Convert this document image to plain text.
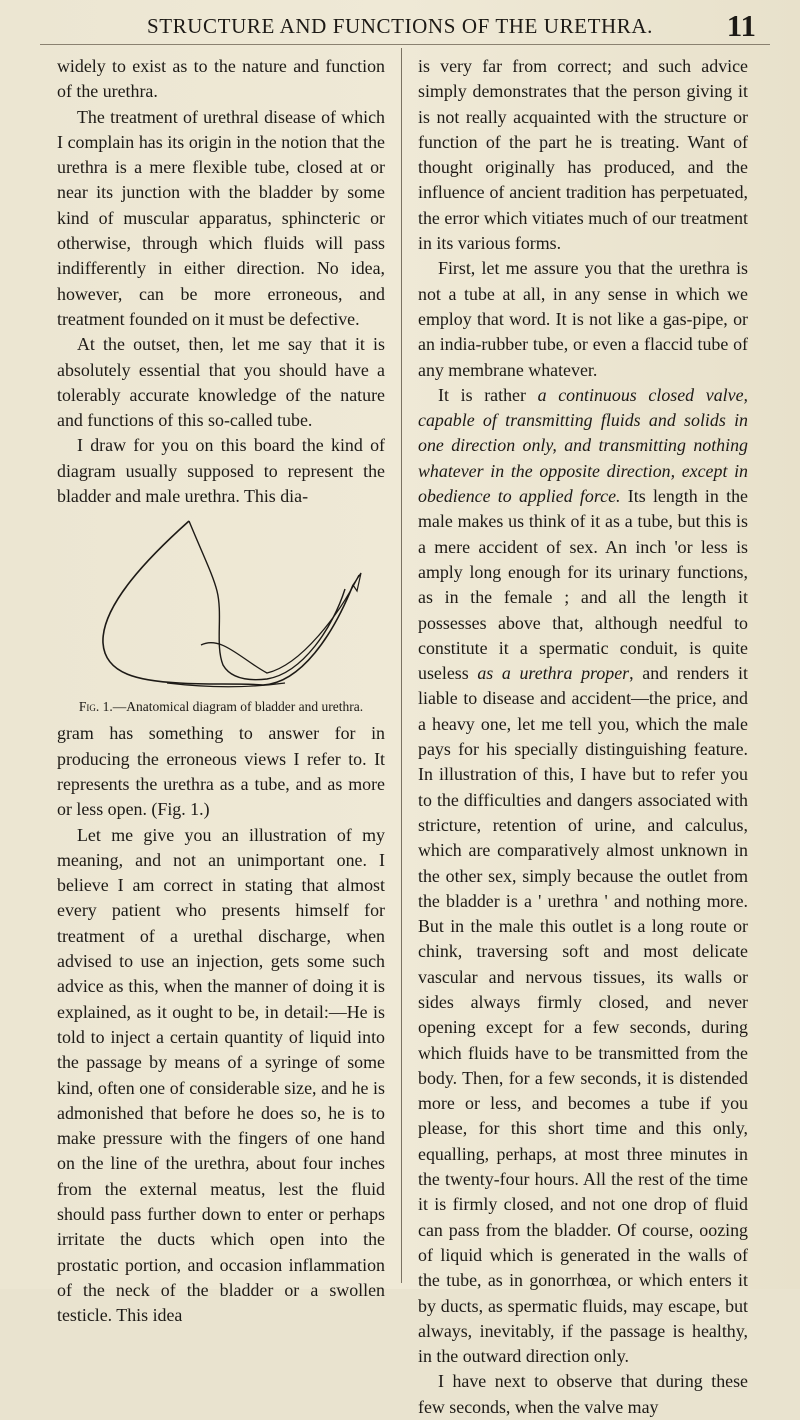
STRUCTURE AND FUNCTIONS OF THE URETHRA.	11

widely to exist as to the nature and function of the urethra.

The treatment of urethral disease of which I complain has its origin in the notion that the urethra is a mere flexible tube, closed at or near its junction with the bladder by some kind of muscular apparatus, sphincteric or otherwise, through which fluids will pass indifferently in either direction. No idea, however, can be more erroneous, and treatment founded on it must be defective.

At the outset, then, let me say that it is absolutely essential that you should have a tolerably accurate knowledge of the nature and functions of this so-called tube.

I draw for you on this board the kind of diagram usually supposed to represent the bladder and male urethra. This dia-

Fig. 1.—Anatomical diagram of bladder and urethra.

gram has something to answer for in producing the erroneous views I refer to. It represents the urethra as a tube, and as more or less open. (Fig. 1.)

Let me give you an illustration of my meaning, and not an unimportant one. I believe I am correct in stating that almost every patient who presents himself for treatment of a urethal discharge, when advised to use an injection, gets some such advice as this, when the manner of doing it is explained, as it ought to be, in detail:—He is told to inject a certain quantity of liquid into the passage by means of a syringe of some kind, often one of considerable size, and he is admonished that before he does so, he is to make pressure with the fingers of one hand on the line of the urethra, about four inches from the external meatus, lest the fluid should pass further down to enter or perhaps irritate the ducts which open into the prostatic portion, and occasion inflammation of the neck of the bladder or a swollen testicle. This idea

is very far from correct; and such advice simply demonstrates that the person giving it is not really acquainted with the structure or function of the part he is treating. Want of thought originally has produced, and the influence of ancient tradition has perpetuated, the error which vitiates much of our treatment in its various forms.

First, let me assure you that the urethra is not a tube at all, in any sense in which we employ that word. It is not like a gas-pipe, or an india-rubber tube, or even a flaccid tube of any membrane whatever.

It is rather a continuous closed valve, capable of transmitting fluids and solids in one direction only, and transmitting nothing whatever in the opposite direction, except in obedience to applied force. Its length in the male makes us think of it as a tube, but this is a mere accident of sex. An inch 'or less is amply long enough for its urinary functions, as in the female ; and all the length it possesses above that, although needful to constitute it a spermatic conduit, is quite useless as a urethra proper, and renders it liable to disease and accident—the price, and a heavy one, let me tell you, which the male pays for his specially distinguishing feature. In illustration of this, I have but to refer you to the difficulties and dangers associated with stricture, retention of urine, and calculus, which are comparatively almost unknown in the other sex, simply because the outlet from the bladder is a ' urethra ' and nothing more. But in the male this outlet is a long route or chink, traversing soft and most delicate vascular and nervous tissues, its walls or sides always firmly closed, and never opening except for a few seconds, during which fluids have to be transmitted from the body. Then, for a few seconds, it is distended more or less, and becomes a tube if you please, for this short time and this only, equalling, perhaps, at most three minutes in the twenty-four hours. All the rest of the time it is firmly closed, and not one drop of fluid can pass from the bladder. Of course, oozing of liquid which is generated in the walls of the tube, as in gonorrhœa, or which enters it by ducts, as spermatic fluids, may escape, but always, inevitably, if the passage is healthy, in the outward direction only.

I have next to observe that during these few seconds, when the valve may
